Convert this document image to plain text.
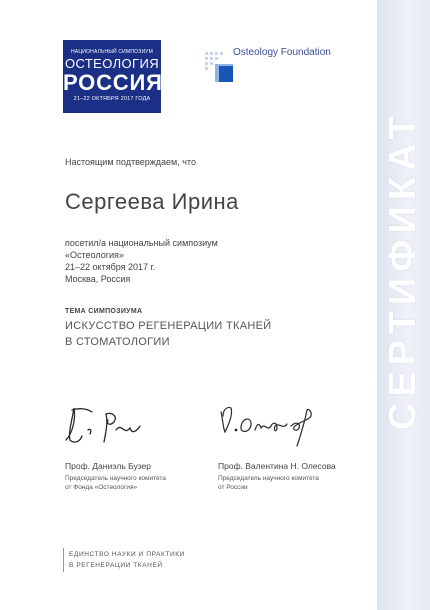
НАЦИОНАЛЬНЫЙ СИМПОЗИУМ
ОСТЕОЛОГИЯ
РОССИЯ
21–22 ОКТЯБРЯ 2017 ГОДА
Osteology Foundation
СЕРТИФИКАТ
Настоящим подтверждаем, что
Сергеева Ирина
посетил/а национальный симпозиум
«Остеология»
21–22 октября 2017 г.
Москва, Россия
ТЕМА СИМПОЗИУМА
ИСКУССТВО РЕГЕНЕРАЦИИ ТКАНЕЙ
В СТОМАТОЛОГИИ
Проф. Даниэль Бузер
Председатель научного комитета
от Фонда «Остеология»
Проф. Валентина Н. Олесова
Председатель научного комитета
от России
ЕДИНСТВО НАУКИ И ПРАКТИКИ
В РЕГЕНЕРАЦИИ ТКАНЕЙ
